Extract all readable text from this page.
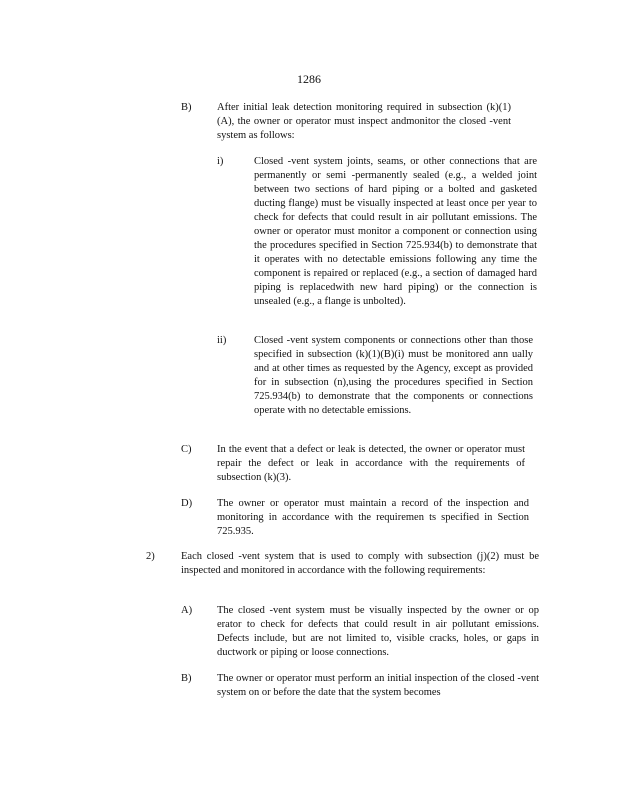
1286
B) After initial leak detection monitoring required in subsection (k)(1)(A), the owner or operator must inspect andmonitor the closed -vent system as follows:
i)	Closed -vent system joints, seams, or other connections that are permanently or semi -permanently sealed (e.g., a welded joint between two sections of hard piping or a bolted and gasketed ducting flange) must be visually inspected at least once per year to check for defects that could result in air pollutant emissions. The owner or operator must monitor a component or connection using the procedures specified in Section 725.934(b) to demonstrate that it operates with no detectable emissions following any time the component is repaired or replaced (e.g., a section of damaged hard piping is replacedwith new hard piping) or the connection is unsealed (e.g., a flange is unbolted).
ii)	Closed -vent system components or connections other than those specified in subsection (k)(1)(B)(i) must be monitored ann ually and at other times as requested by the Agency, except as provided for in subsection (n),using the procedures specified in Section 725.934(b) to demonstrate that the components or connections operate with no detectable emissions.
C) In the event that a defect or leak is detected, the owner or operator must repair the defect or leak in accordance with the requirements of subsection (k)(3).
D) The owner or operator must maintain a record of the inspection and monitoring in accordance with the requiremen ts specified in Section 725.935.
2)	Each closed -vent system that is used to comply with subsection (j)(2) must be inspected and monitored in accordance with the following requirements:
A) The closed -vent system must be visually inspected by the owner or op erator to check for defects that could result in air pollutant emissions. Defects include, but are not limited to, visible cracks, holes, or gaps in ductwork or piping or loose connections.
B) The owner or operator must perform an initial inspection of the closed -vent system on or before the date that the system becomes
